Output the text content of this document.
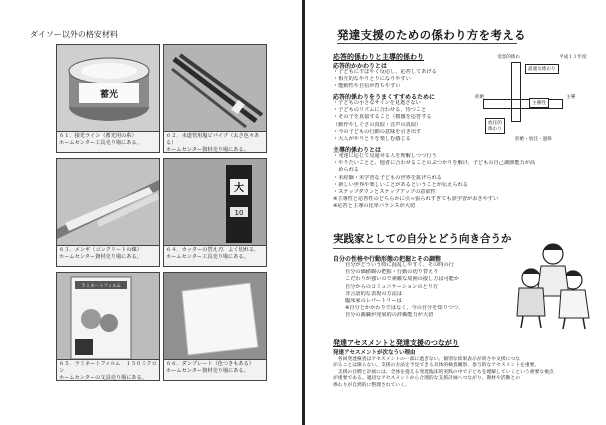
ダイソー以外の格安材料
蓄光
６１．接光ライン（蓄光用の糸）
ホームセンター工具売り場にある。
６２．水道管用塩ビパイプ（太さ色々ある）
ホームセンター資材売り場にある。
６３．メンギ（コンクリートの線）
ホームセンター資材売り場にある。
大
10
６４．カッターの替え刃．よく切れる．
ホームセンター工具売り場にある。
ラミネートフィルム
６５．ラミネートフィルム　１５０ミクロン
ホームセンターの文具売り場にある。
６６．ダンプレート（色つきもある）
ホームセンター資材売り場にある。
発達支援のための係わり方を考える
応答的係わりと主導的係わり
応答的かかわりとは
・子どもにすばやく反応し、応答してあげる
・相互的なやりとりになりやすい
・能動性や自信が育ちやすい
応答的係わりをうまくすすめるために
・子どもの小さなサインを見逃さない
・子どものリズムに合わせる、待つこと
・その子を真似すること（模倣を応答する
（動作やしぐさの真似・音声の真似）
・今の子どもの行動の意味を引き出す
・大人がやりとりを楽しむ感じる
主導的係わりとは
・発達に応じて見通せる人を理解しつつ行う
・やりたいことと、他者に合わせることのぶつかりを解け、子どもの自己調節能力が高
　められる
・未経験・未学習な子どもの世界を拡げられる
・新しい世界や楽しいことがあるということが伝えられる
・ステップダウンとステップアップの意欲性
※主導性と応答性のどちらかに引っ張られすぎても誤学習がおきやすい
※応答と主導の比率バランスが大切
受容的係わ	平成１１年度
最適な係わり
拒絶	主導
主導性
放任的
係わり
拒絶・放任・過保
実践家としての自分とどう向き合うか
自分の性格や行動形態の把握とその調整
自分がどういう時に混乱しやすく、その時の行
自分の価値観の把握・行動の切り替えり
こだわりが強いので素敵な周囲の接し方は可能か
自分からのコミュニケーションのとり方
非言語的な表現の方法は
臨床家のレパートリーは
※自分とかかわりではなく、今の自分を知りつつ、
自分の親職が発展的の評価能力が大切
発達アセスメントと発達支援のつながり
発達アセスメントが次なうい理由
　各回発達検査はアセスメントの一部に過ぎない。個別な結果表示が貴さや文援につな
がることは限らない。支援の方法を予見できる具体的検査観察、参与的なアセスメントを重要。
　支援の目標と計画には、全体を捉える発達臨床的実践の中で子どもを理解していくという重要な視点
が重要である。適切なアセスメントから合理的な支援計画へつながり、教材や活動との
係わりが自然的に整理されていく。
